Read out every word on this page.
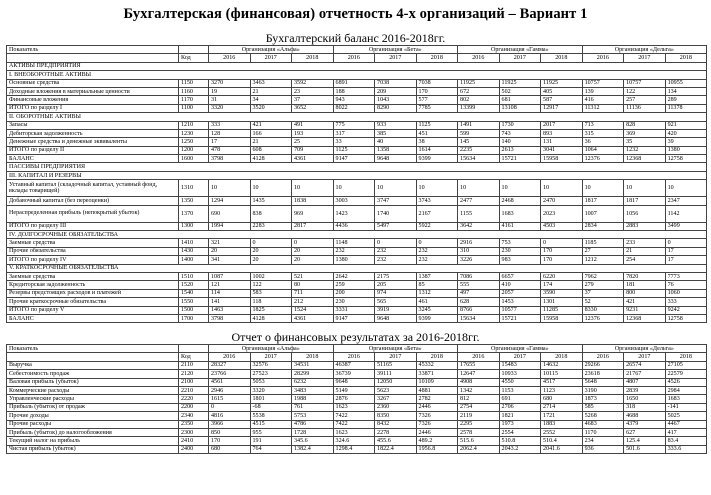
Бухгалтерская (финансовая) отчетность 4-х организаций – Вариант 1
Бухгалтерский баланс 2016-2018гг.
Показатель		Организация «Альфа»			Организация «Бета»			Организация «Гамма»			Организация «Дельта»		
	Код	2016	2017	2018	2016	2017	2018	2016	2017	2018	2016	2017	2018
АКТИВЫ ПРЕДПРИЯТИЯ													
I. ВНЕОБОРОТНЫЕ АКТИВЫ													
Основные средства	1150	3270	3463	3592	6891	7038	7038	11925	11925	11925	10757	10757	10955
Доходные вложения в материальные ценности	1160	19	21	23	188	209	170	672	502	405	139	122	134
Финансовые вложения	1170	31	34	37	943	1043	577	802	681	587	416	257	289
ИТОГО по разделу I	1100	3320	3520	3652	8022	8290	7785	13399	13108	12917	11312	11136	11378
II. ОБОРОТНЫЕ АКТИВЫ													
Запасы	1210	333	421	491	775	933	1125	1491	1730	2017	713	828	921
Дебиторская задолженность	1230	128	166	193	317	385	451	599	743	893	315	369	420
Денежные средства и денежные эквиваленты	1250	17	21	25	33	40	38	145	140	131	36	35	39
ИТОГО по разделу II	1200	478	608	709	1125	1358	1614	2235	2613	3041	1064	1232	1380
БАЛАНС	1600	3798	4128	4361	9147	9648	9399	15634	15721	15958	12376	12368	12758
ПАССИВЫ ПРЕДПРИЯТИЯ													
III. КАПИТАЛ И РЕЗЕРВЫ													
Уставный капитал (складочный капитал, уставный фонд, вклады товарищей)	1310	10	10	10	10	10	10	10	10	10	10	10	10
Добавочный капитал (без переоценки)	1350	1294	1435	1838	3003	3747	3743	2477	2468	2470	1817	1817	2347
Нераспределенная прибыль (непокрытый убыток)	1370	690	838	969	1423	1740	2167	1155	1683	2023	1007	1056	1142
ИТОГО по разделу III	1300	1994	2283	2817	4436	5497	5922	3642	4161	4503	2834	2883	3499
IV. ДОЛГОСРОЧНЫЕ ОБЯЗАТЕЛЬСТВА													
Заемные средства	1410	321	0	0	1148	0	0	2916	753	0	1185	233	0
Прочие обязательства	1430	20	20	20	232	232	232	310	230	170	27	21	17
ИТОГО по разделу IV	1400	341	20	20	1380	232	232	3226	983	170	1212	254	17
V. КРАТКОСРОЧНЫЕ ОБЯЗАТЕЛЬСТВА													
Заемные средства	1510	1087	1002	521	2642	2175	1387	7086	6657	6220	7962	7820	7773
Кредиторская задолженность	1520	121	122	80	259	205	85	555	410	174	279	181	76
Резервы предстоящих расходов и платежей	1540	114	583	711	200	974	1312	497	2057	3590	37	800	1060
Прочие краткосрочные обязательства	1550	141	118	212	230	565	461	628	1453	1301	52	421	333
ИТОГО по разделу V	1500	1463	1825	1524	3331	3919	3245	8766	10577	11285	8330	9231	9242
БАЛАНС	1700	3798	4128	4361	9147	9648	9399	15634	15721	15958	12376	12368	12758
Отчет о финансовых результатах за 2016-2018гг.
Показатель		Организация «Альфа»			Организация «Бета»			Организация «Гамма»			Организация «Дельта»		
	Код	2016	2017	2018	2016	2017	2018	2016	2017	2018	2016	2017	2018
Выручка	2110	28327	32576	34531	46387	51165	45332	17655	15483	14632	29266	26574	27105
Себестоимость продаж	2120	23766	27523	28299	36739	39111	33871	12647	10933	10115	23618	21767	22579
Валовая прибыль (убыток)	2100	4561	5053	6232	9648	12050	10109	4908	4550	4517	5648	4807	4526
Коммерческие расходы	2210	2946	3320	3483	5149	5623	4881	1342	1153	1123	3190	2839	2984
Управленческие расходы	2220	1615	1801	1988	2876	3267	2782	812	691	680	1873	1650	1683
Прибыль (убыток) от продаж	2200	0	-68	761	1623	2360	2446	2754	2706	2714	585	318	-141
Прочие доходы	2340	4816	5538	5753	7422	8350	7326	2119	1821	1721	5268	4688	5025
Прочие расходы	2350	3966	4515	4786	7422	8432	7326	2295	1973	1883	4683	4379	4467
Прибыль (убыток) до налогообложения	2300	850	955	1728	1623	2278	2446	2578	2554	2552	1170	627	417
Текущий налог на прибыль	2410	170	191	345.6	324.6	455.6	489.2	515.6	510.8	510.4	234	125.4	83.4
Чистая прибыль (убыток)	2400	680	764	1382.4	1298.4	1822.4	1956.8	2062.4	2043.2	2041.6	936	501.6	333.6
